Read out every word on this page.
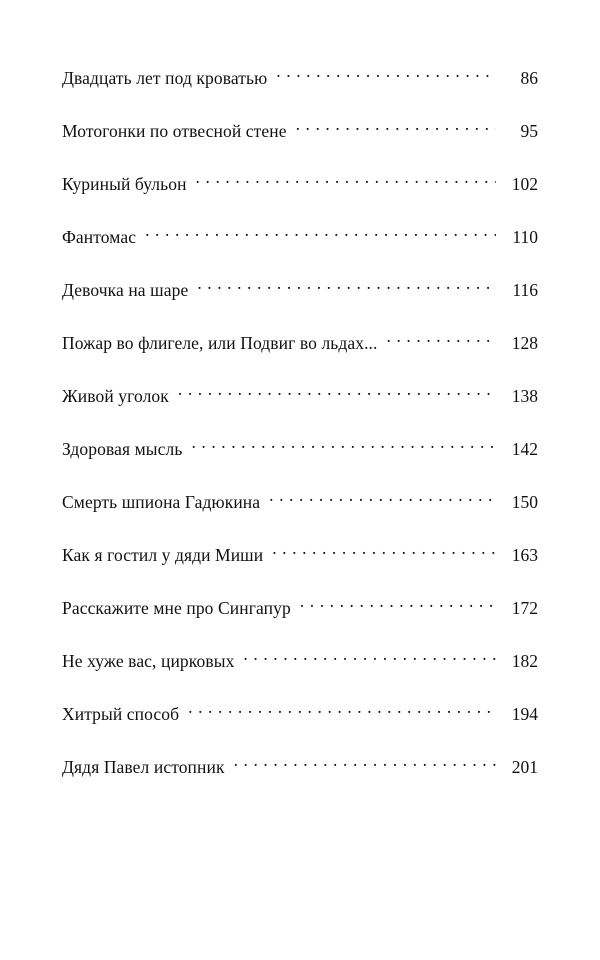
Двадцать лет под кроватью . . .	86
Мотогонки по отвесной стене . . .	95
Куриный бульон . . .	102
Фантомас . . .	110
Девочка на шаре . . .	116
Пожар во флигеле, или Подвиг во льдах... . . .	128
Живой уголок . . .	138
Здоровая мысль . . .	142
Смерть шпиона Гадюкина . . .	150
Как я гостил у дяди Миши . . .	163
Расскажите мне про Сингапур . . .	172
Не хуже вас, цирковых . . .	182
Хитрый способ . . .	194
Дядя Павел истопник . . .	201
